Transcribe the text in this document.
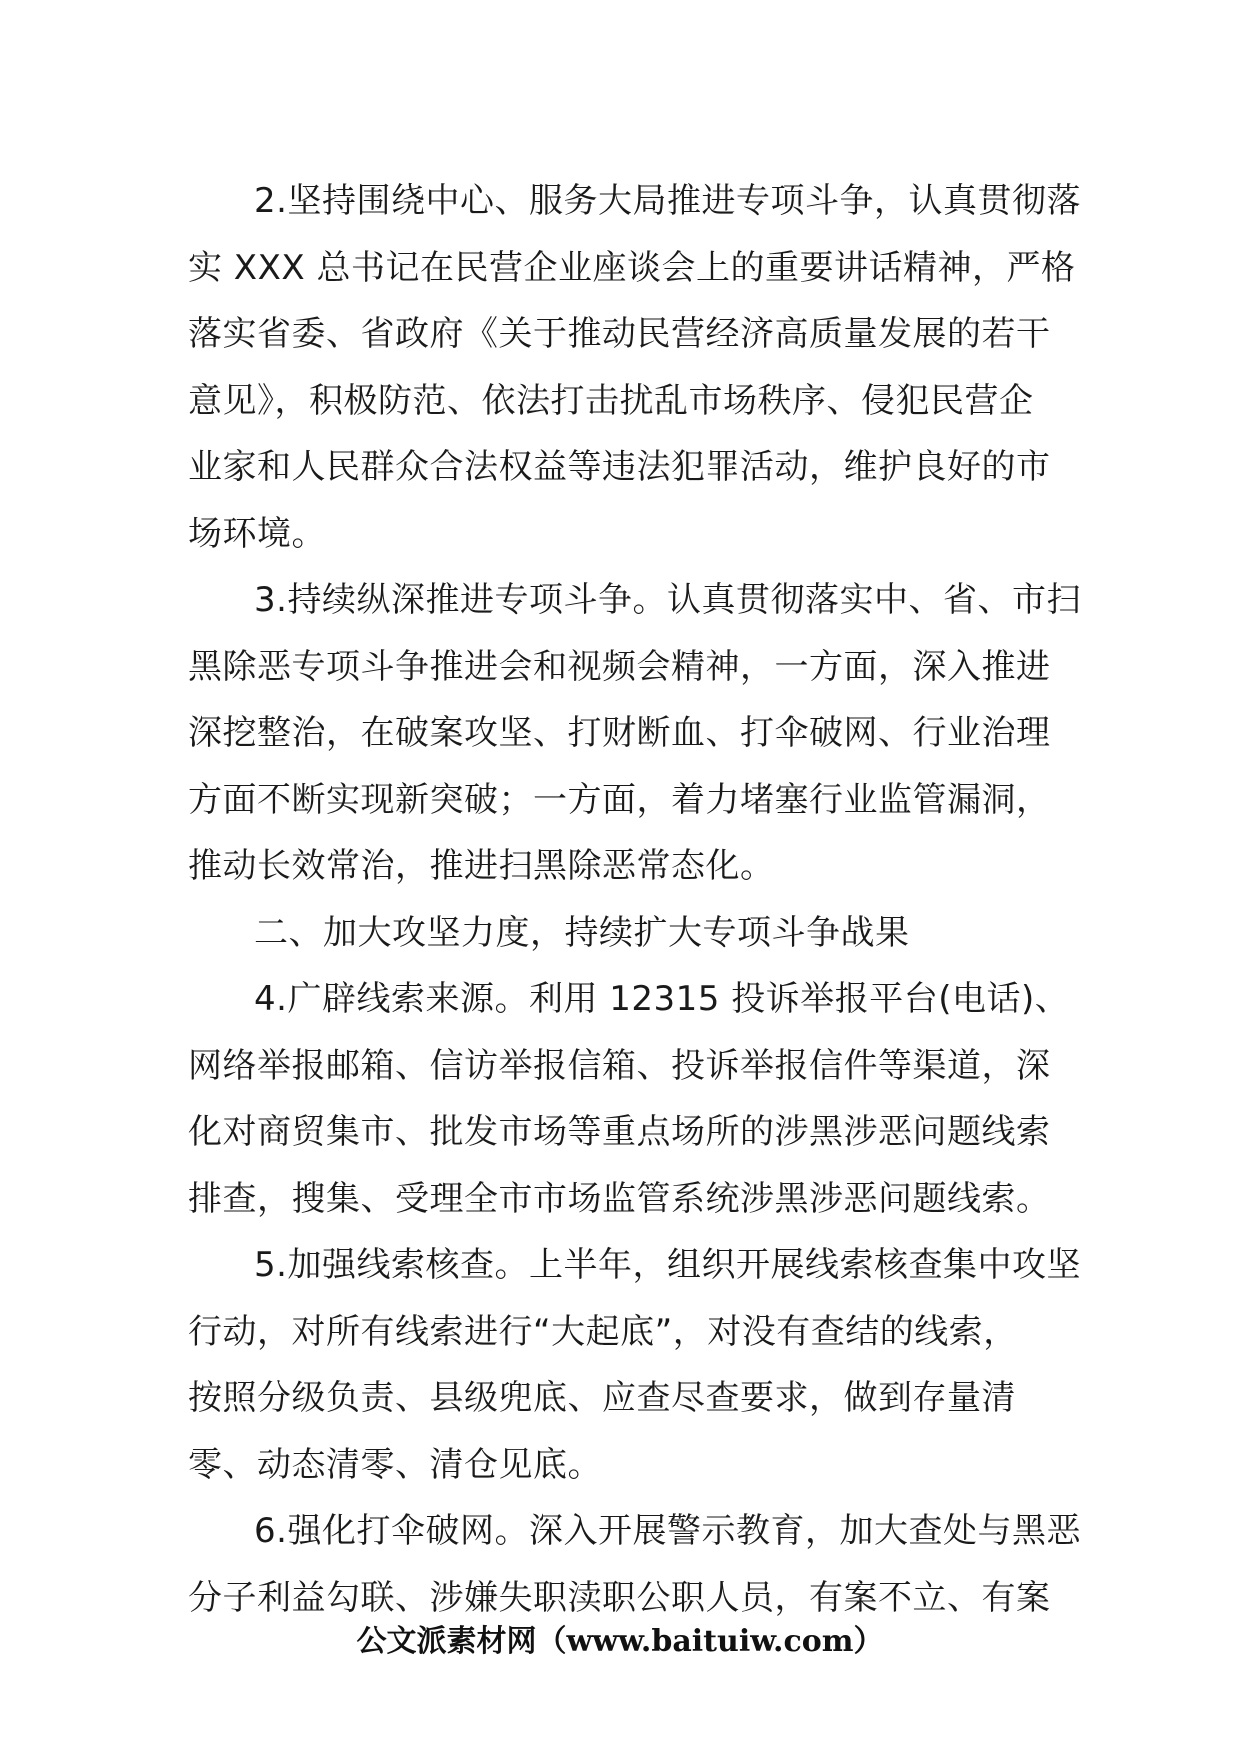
2.坚持围绕中心、服务大局推进专项斗争，认真贯彻落
实 XXX 总书记在民营企业座谈会上的重要讲话精神，严格
落实省委、省政府《关于推动民营经济高质量发展的若干
意见》，积极防范、依法打击扰乱市场秩序、侵犯民营企
业家和人民群众合法权益等违法犯罪活动，维护良好的市
场环境。
3.持续纵深推进专项斗争。认真贯彻落实中、省、市扫
黑除恶专项斗争推进会和视频会精神，一方面，深入推进
深挖整治，在破案攻坚、打财断血、打伞破网、行业治理
方面不断实现新突破；一方面，着力堵塞行业监管漏洞，
推动长效常治，推进扫黑除恶常态化。
二、加大攻坚力度，持续扩大专项斗争战果
4.广辟线索来源。利用 12315 投诉举报平台(电话)、
网络举报邮箱、信访举报信箱、投诉举报信件等渠道，深
化对商贸集市、批发市场等重点场所的涉黑涉恶问题线索
排查，搜集、受理全市市场监管系统涉黑涉恶问题线索。
5.加强线索核查。上半年，组织开展线索核查集中攻坚
行动，对所有线索进行“大起底”，对没有查结的线索，
按照分级负责、县级兜底、应查尽查要求，做到存量清
零、动态清零、清仓见底。
6.强化打伞破网。深入开展警示教育，加大查处与黑恶
分子利益勾联、涉嫌失职渎职公职人员，有案不立、有案
公文派素材网（www.baituiw.com）
